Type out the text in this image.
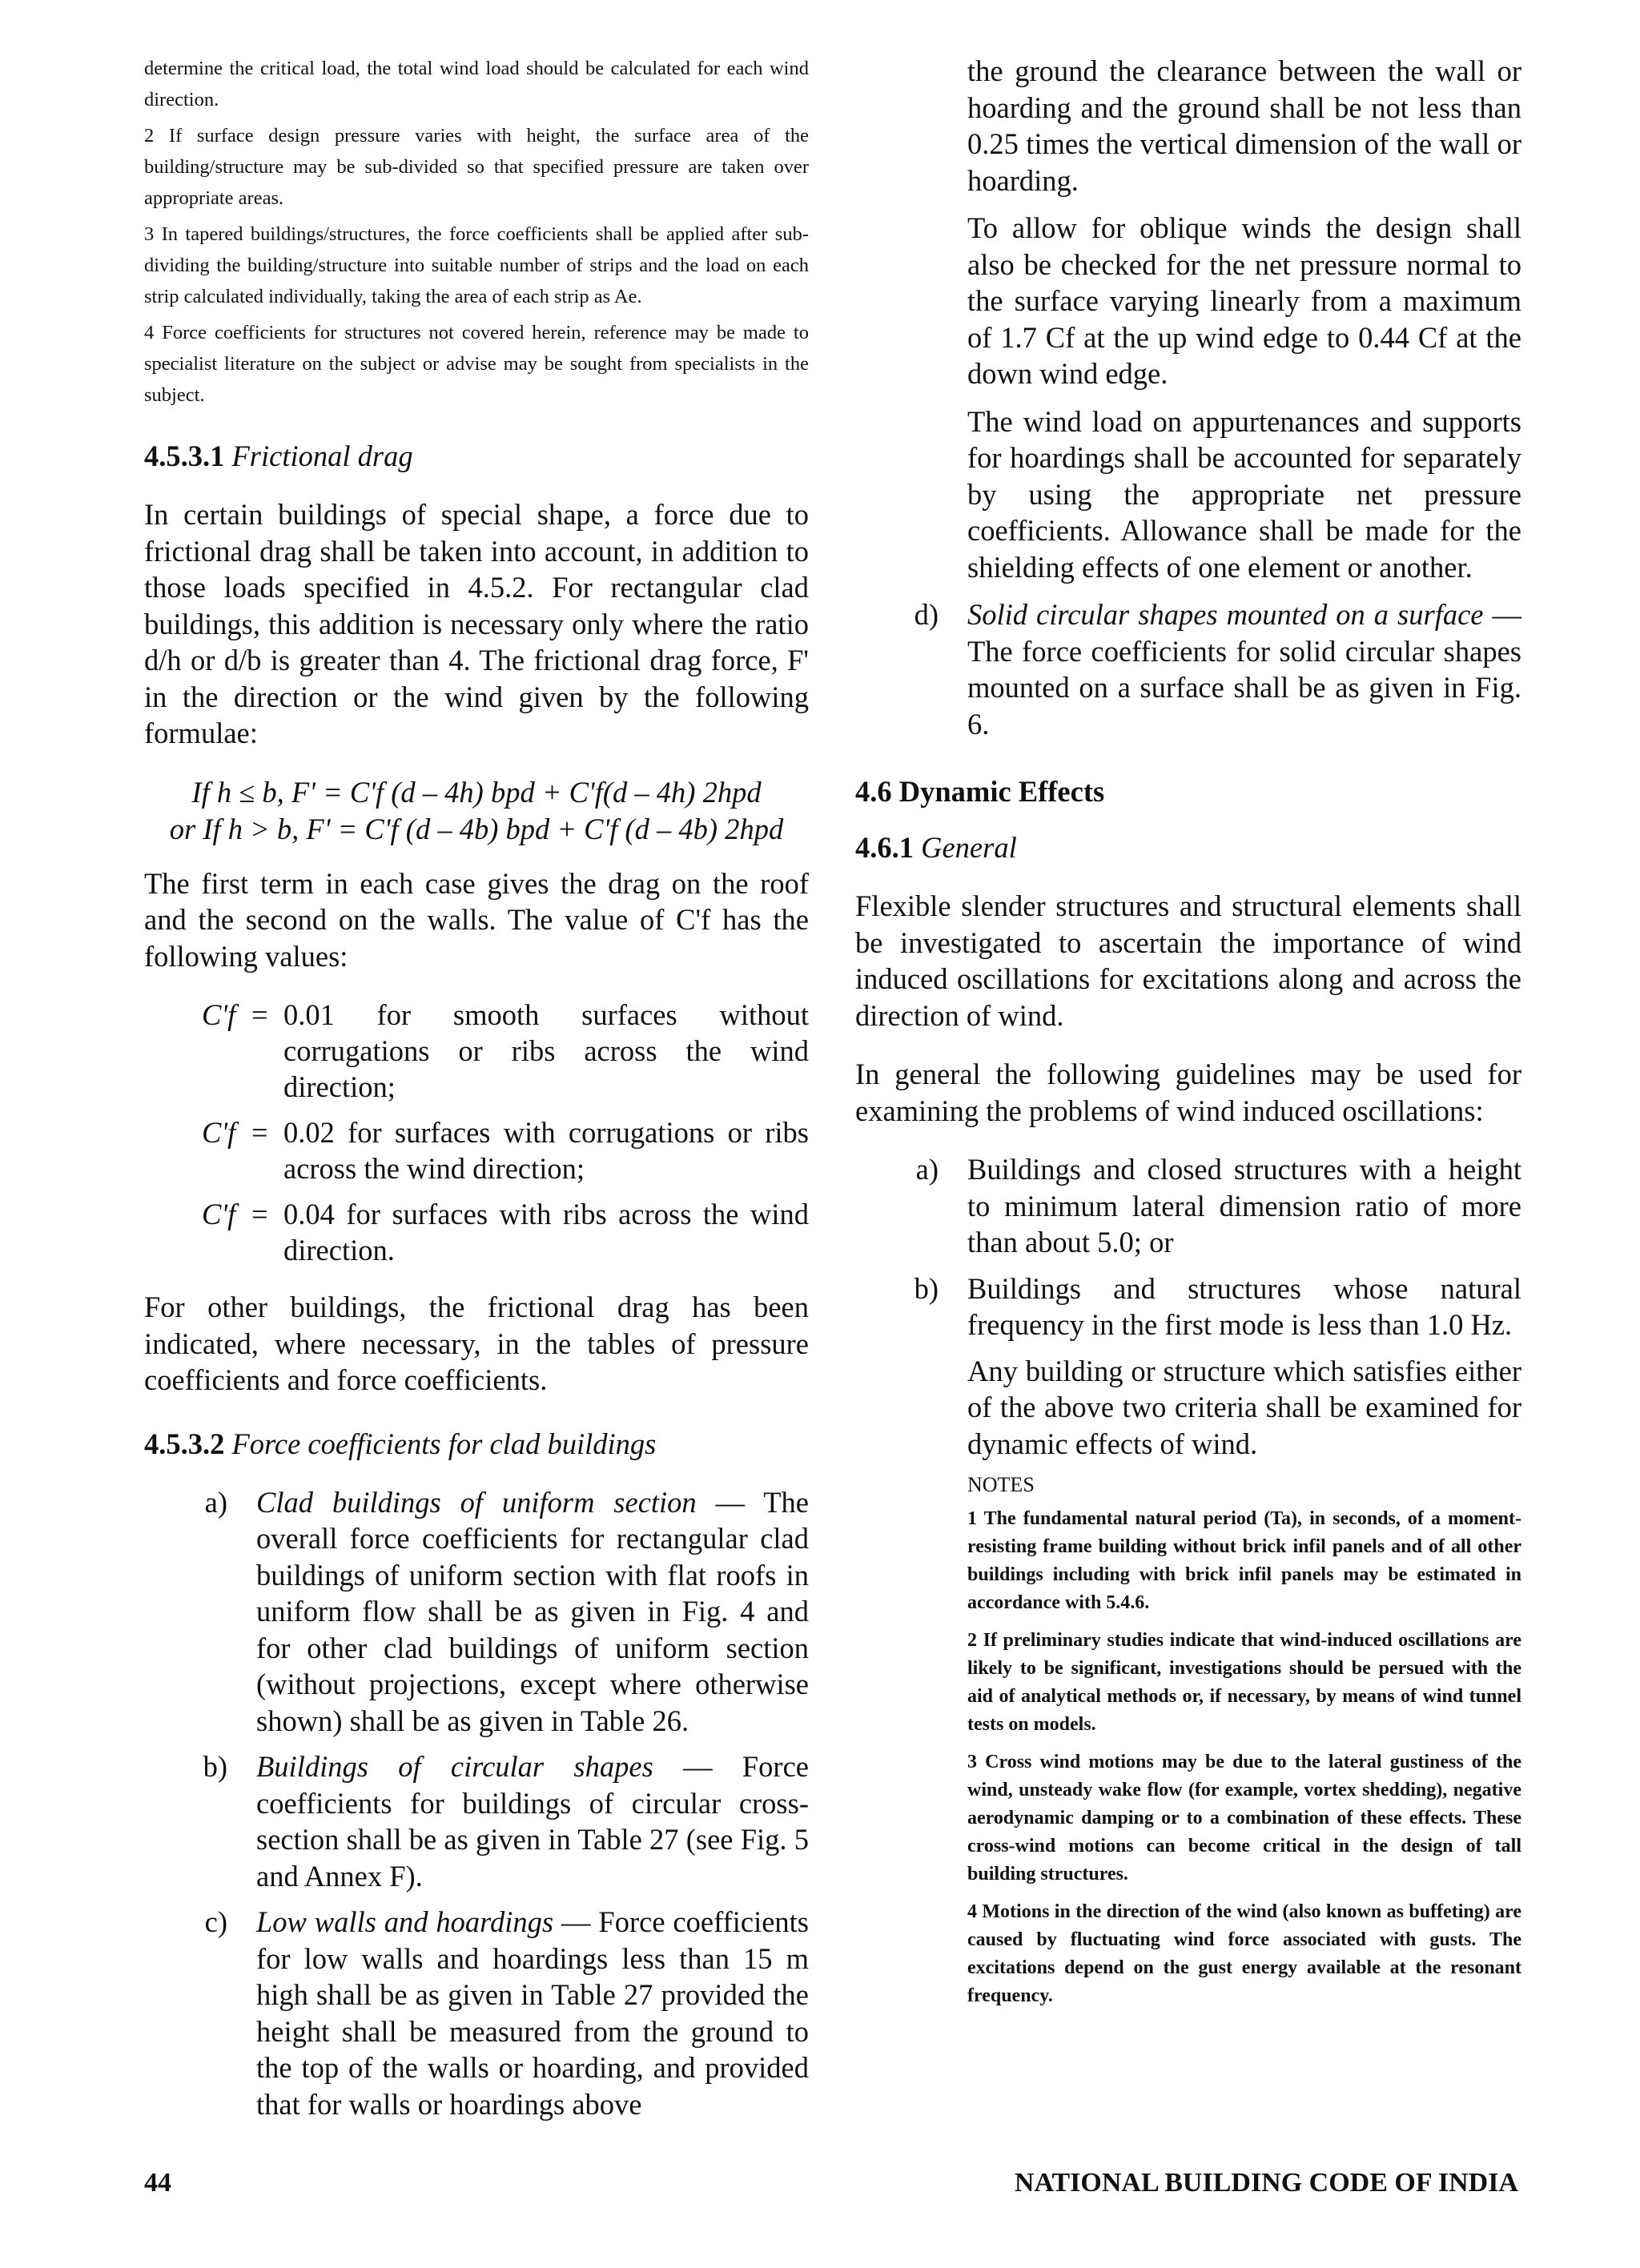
determine the critical load, the total wind load should be calculated for each wind direction.

2 If surface design pressure varies with height, the surface area of the building/structure may be sub-divided so that specified pressure are taken over appropriate areas.

3 In tapered buildings/structures, the force coefficients shall be applied after sub-dividing the building/structure into suitable number of strips and the load on each strip calculated individually, taking the area of each strip as Ae.

4 Force coefficients for structures not covered herein, reference may be made to specialist literature on the subject or advise may be sought from specialists in the subject.

4.5.3.1 Frictional drag

In certain buildings of special shape, a force due to frictional drag shall be taken into account, in addition to those loads specified in 4.5.2. For rectangular clad buildings, this addition is necessary only where the ratio d/h or d/b is greater than 4. The frictional drag force, F' in the direction or the wind given by the following formulae:

If h ≤ b, F' = C'f (d – 4h) bpd + C'f(d – 4h) 2hpd
or If h > b, F' = C'f (d – 4b) bpd + C'f (d – 4b) 2hpd

The first term in each case gives the drag on the roof and the second on the walls. The value of C'f has the following values:

C'f = 0.01 for smooth surfaces without corrugations or ribs across the wind direction;
C'f = 0.02 for surfaces with corrugations or ribs across the wind direction;
C'f = 0.04 for surfaces with ribs across the wind direction.

For other buildings, the frictional drag has been indicated, where necessary, in the tables of pressure coefficients and force coefficients.

4.5.3.2 Force coefficients for clad buildings
a) Clad buildings of uniform section — The overall force coefficients for rectangular clad buildings of uniform section with flat roofs in uniform flow shall be as given in Fig. 4 and for other clad buildings of uniform section (without projections, except where otherwise shown) shall be as given in Table 26.
b) Buildings of circular shapes — Force coefficients for buildings of circular cross-section shall be as given in Table 27 (see Fig. 5 and Annex F).
c) Low walls and hoardings — Force coefficients for low walls and hoardings less than 15 m high shall be as given in Table 27 provided the height shall be measured from the ground to the top of the walls or hoarding, and provided that for walls or hoardings above

the ground the clearance between the wall or hoarding and the ground shall be not less than 0.25 times the vertical dimension of the wall or hoarding.

To allow for oblique winds the design shall also be checked for the net pressure normal to the surface varying linearly from a maximum of 1.7 Cf at the up wind edge to 0.44 Cf at the down wind edge.

The wind load on appurtenances and supports for hoardings shall be accounted for separately by using the appropriate net pressure coefficients. Allowance shall be made for the shielding effects of one element or another.

d) Solid circular shapes mounted on a surface — The force coefficients for solid circular shapes mounted on a surface shall be as given in Fig. 6.
4.6 Dynamic Effects
4.6.1 General

Flexible slender structures and structural elements shall be investigated to ascertain the importance of wind induced oscillations for excitations along and across the direction of wind.

In general the following guidelines may be used for examining the problems of wind induced oscillations:

a) Buildings and closed structures with a height to minimum lateral dimension ratio of more than about 5.0; or
b) Buildings and structures whose natural frequency in the first mode is less than 1.0 Hz.

Any building or structure which satisfies either of the above two criteria shall be examined for dynamic effects of wind.

NOTES

1 The fundamental natural period (Ta), in seconds, of a moment-resisting frame building without brick infil panels and of all other buildings including with brick infil panels may be estimated in accordance with 5.4.6.

2 If preliminary studies indicate that wind-induced oscillations are likely to be significant, investigations should be persued with the aid of analytical methods or, if necessary, by means of wind tunnel tests on models.

3 Cross wind motions may be due to the lateral gustiness of the wind, unsteady wake flow (for example, vortex shedding), negative aerodynamic damping or to a combination of these effects. These cross-wind motions can become critical in the design of tall building structures.

4 Motions in the direction of the wind (also known as buffeting) are caused by fluctuating wind force associated with gusts. The excitations depend on the gust energy available at the resonant frequency.

44	NATIONAL BUILDING CODE OF INDIA
